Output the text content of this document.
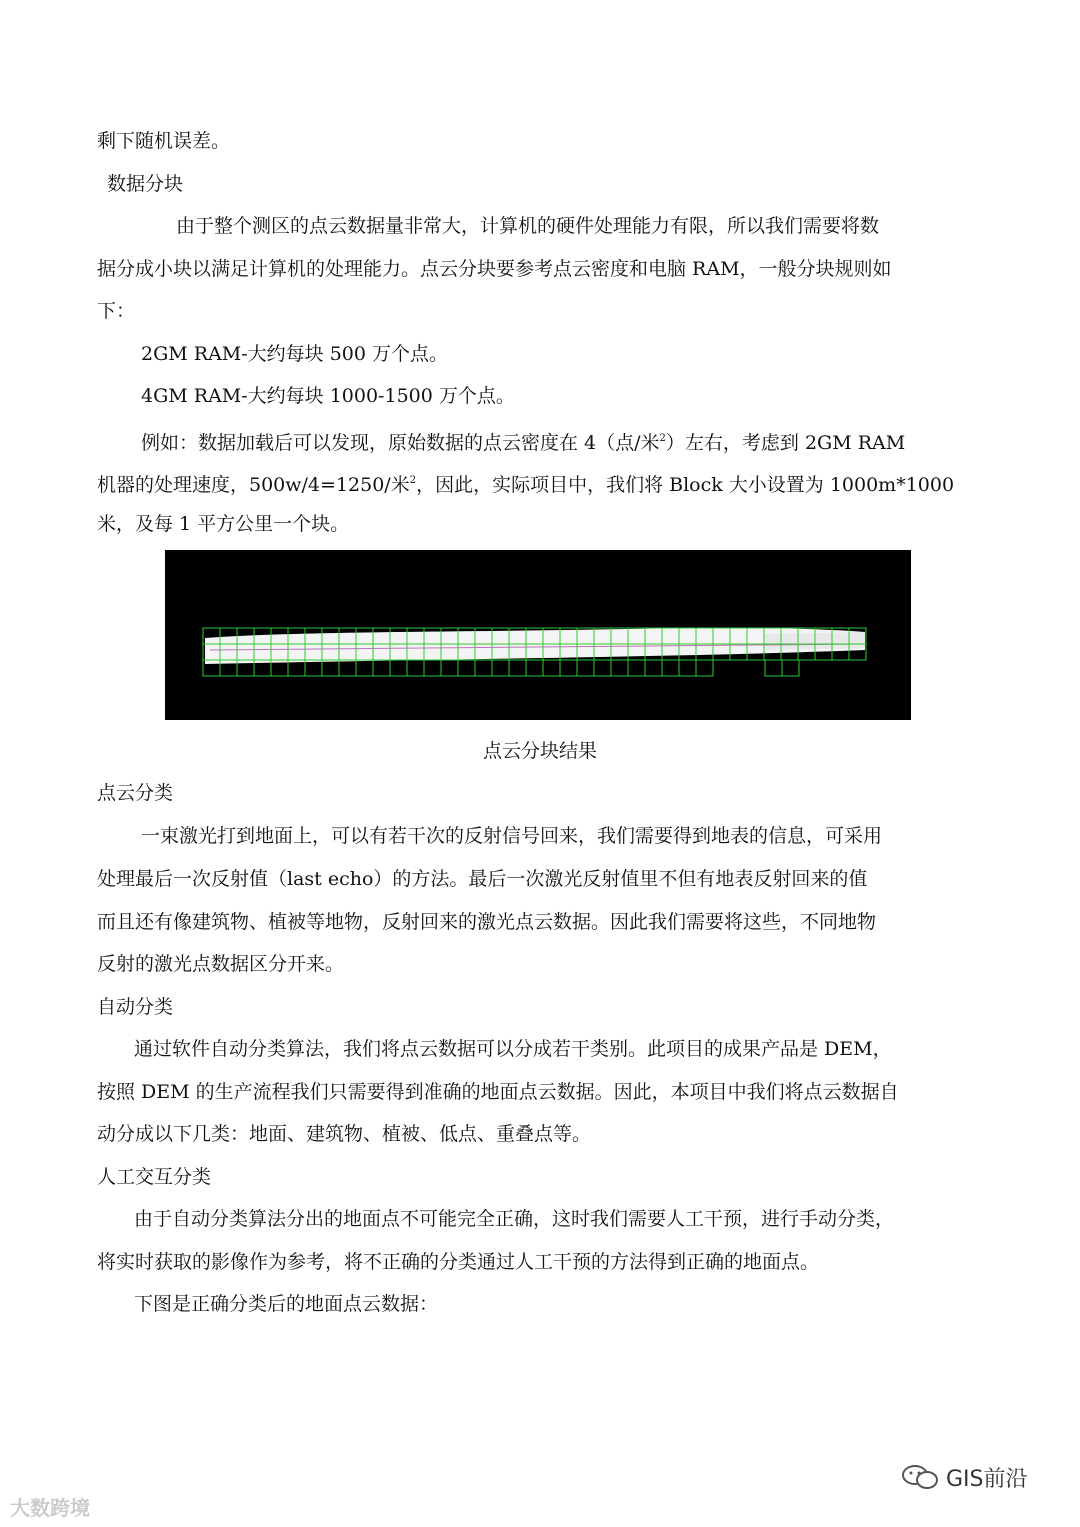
剩下随机误差。
数据分块
由于整个测区的点云数据量非常大，计算机的硬件处理能力有限，所以我们需要将数
据分成小块以满足计算机的处理能力。点云分块要参考点云密度和电脑 RAM，一般分块规则如
下：
2GM RAM-大约每块 500 万个点。
4GM RAM-大约每块 1000-1500 万个点。
例如：数据加载后可以发现，原始数据的点云密度在 4（点/米$^2$）左右，考虑到 2GM RAM
机器的处理速度，500w/4=1250/米$^2$，因此，实际项目中，我们将 Block 大小设置为 1000m*1000
米，及每 1 平方公里一个块。
点云分块结果
点云分类
一束激光打到地面上，可以有若干次的反射信号回来，我们需要得到地表的信息，可采用
处理最后一次反射值（last echo）的方法。最后一次激光反射值里不但有地表反射回来的值
而且还有像建筑物、植被等地物，反射回来的激光点云数据。因此我们需要将这些，不同地物
反射的激光点数据区分开来。
自动分类
通过软件自动分类算法，我们将点云数据可以分成若干类别。此项目的成果产品是 DEM，
按照 DEM 的生产流程我们只需要得到准确的地面点云数据。因此，本项目中我们将点云数据自
动分成以下几类：地面、建筑物、植被、低点、重叠点等。
人工交互分类
由于自动分类算法分出的地面点不可能完全正确，这时我们需要人工干预，进行手动分类，
将实时获取的影像作为参考，将不正确的分类通过人工干预的方法得到正确的地面点。
下图是正确分类后的地面点云数据：
大数跨境
GIS前沿
